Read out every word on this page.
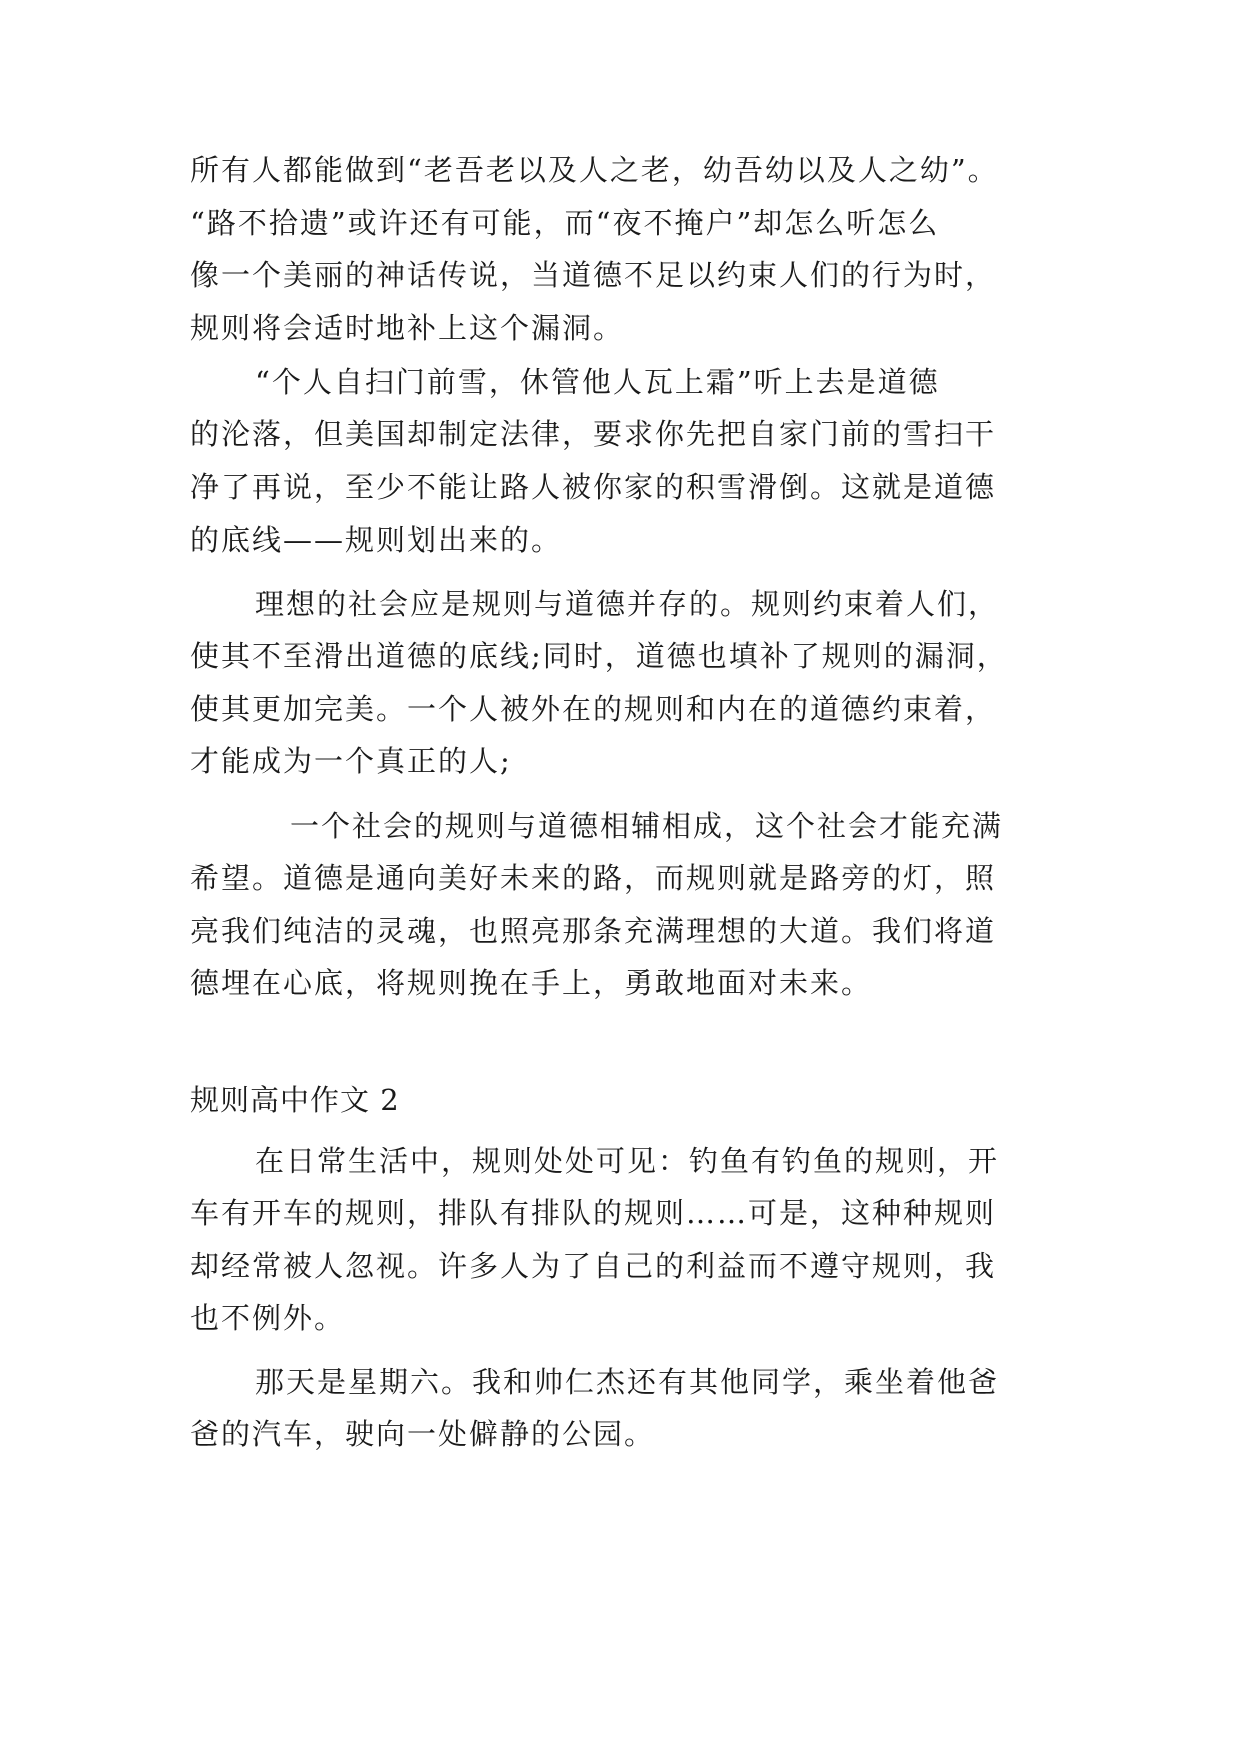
所有人都能做到“老吾老以及人之老，幼吾幼以及人之幼”。
“路不拾遗”或许还有可能，而“夜不掩户”却怎么听怎么
像一个美丽的神话传说，当道德不足以约束人们的行为时，
规则将会适时地补上这个漏洞。
“个人自扫门前雪，休管他人瓦上霜”听上去是道德
的沦落，但美国却制定法律，要求你先把自家门前的雪扫干
净了再说，至少不能让路人被你家的积雪滑倒。这就是道德
的底线——规则划出来的。
理想的社会应是规则与道德并存的。规则约束着人们，
使其不至滑出道德的底线;同时，道德也填补了规则的漏洞，
使其更加完美。一个人被外在的规则和内在的道德约束着，
才能成为一个真正的人;
一个社会的规则与道德相辅相成，这个社会才能充满
希望。道德是通向美好未来的路，而规则就是路旁的灯，照
亮我们纯洁的灵魂，也照亮那条充满理想的大道。我们将道
德埋在心底，将规则挽在手上，勇敢地面对未来。
规则高中作文 2
在日常生活中，规则处处可见：钓鱼有钓鱼的规则，开
车有开车的规则，排队有排队的规则……可是，这种种规则
却经常被人忽视。许多人为了自己的利益而不遵守规则，我
也不例外。
那天是星期六。我和帅仁杰还有其他同学，乘坐着他爸
爸的汽车，驶向一处僻静的公园。
